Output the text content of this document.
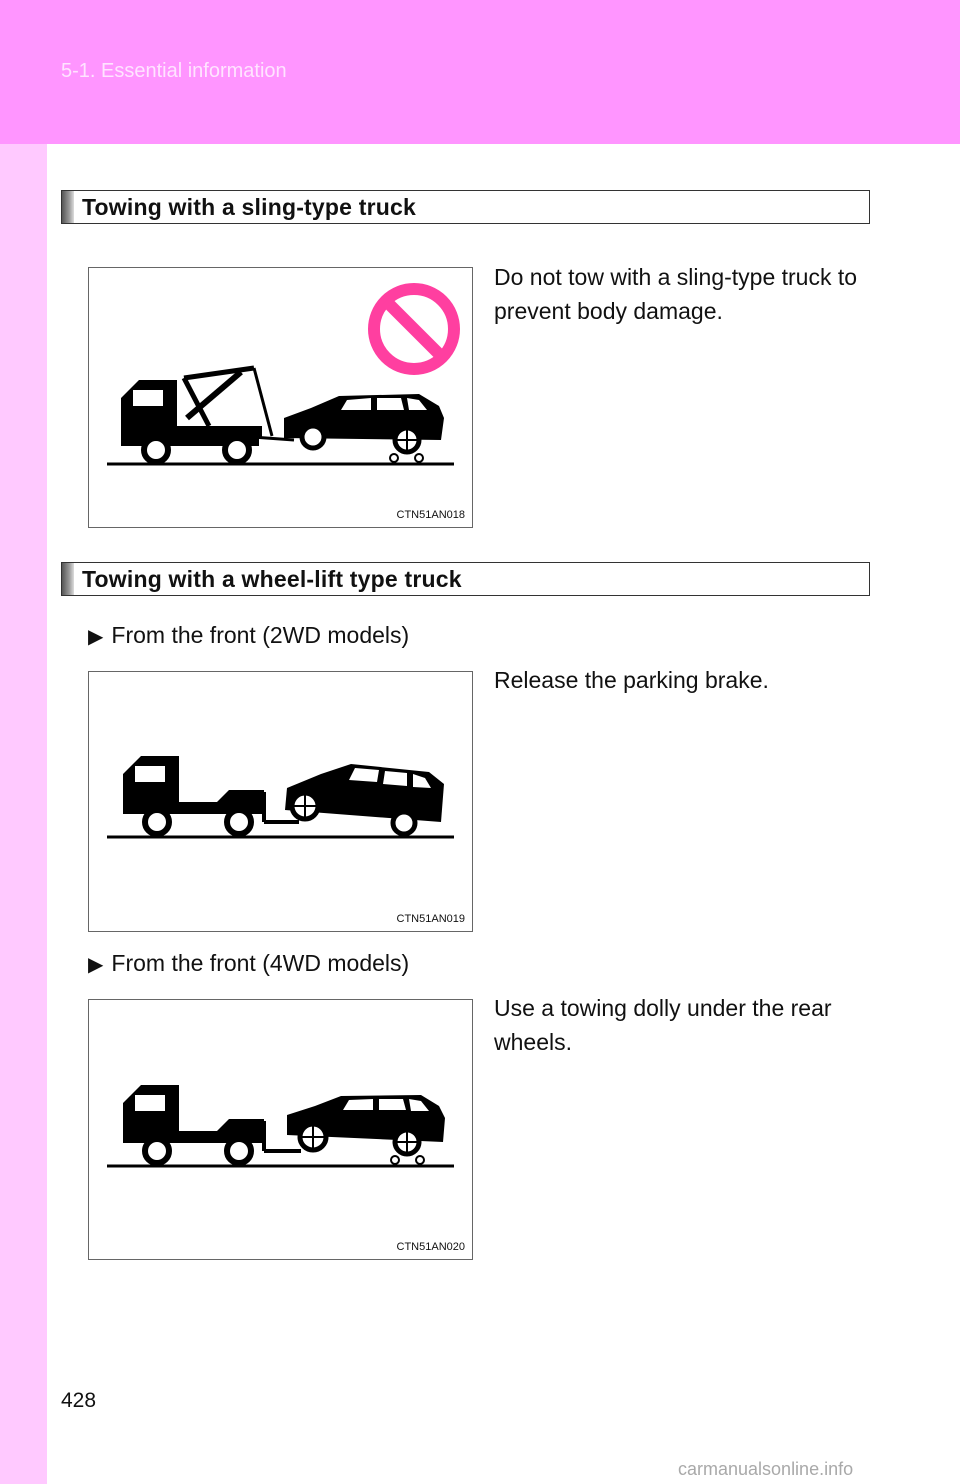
5-1. Essential information
Towing with a sling-type truck
CTN51AN018
Do not tow with a sling-type truck to prevent body damage.
Towing with a wheel-lift type truck
▶ From the front (2WD models)
CTN51AN019
Release the parking brake.
▶ From the front (4WD models)
CTN51AN020
Use a towing dolly under the rear wheels.
428
carmanualsonline.info
